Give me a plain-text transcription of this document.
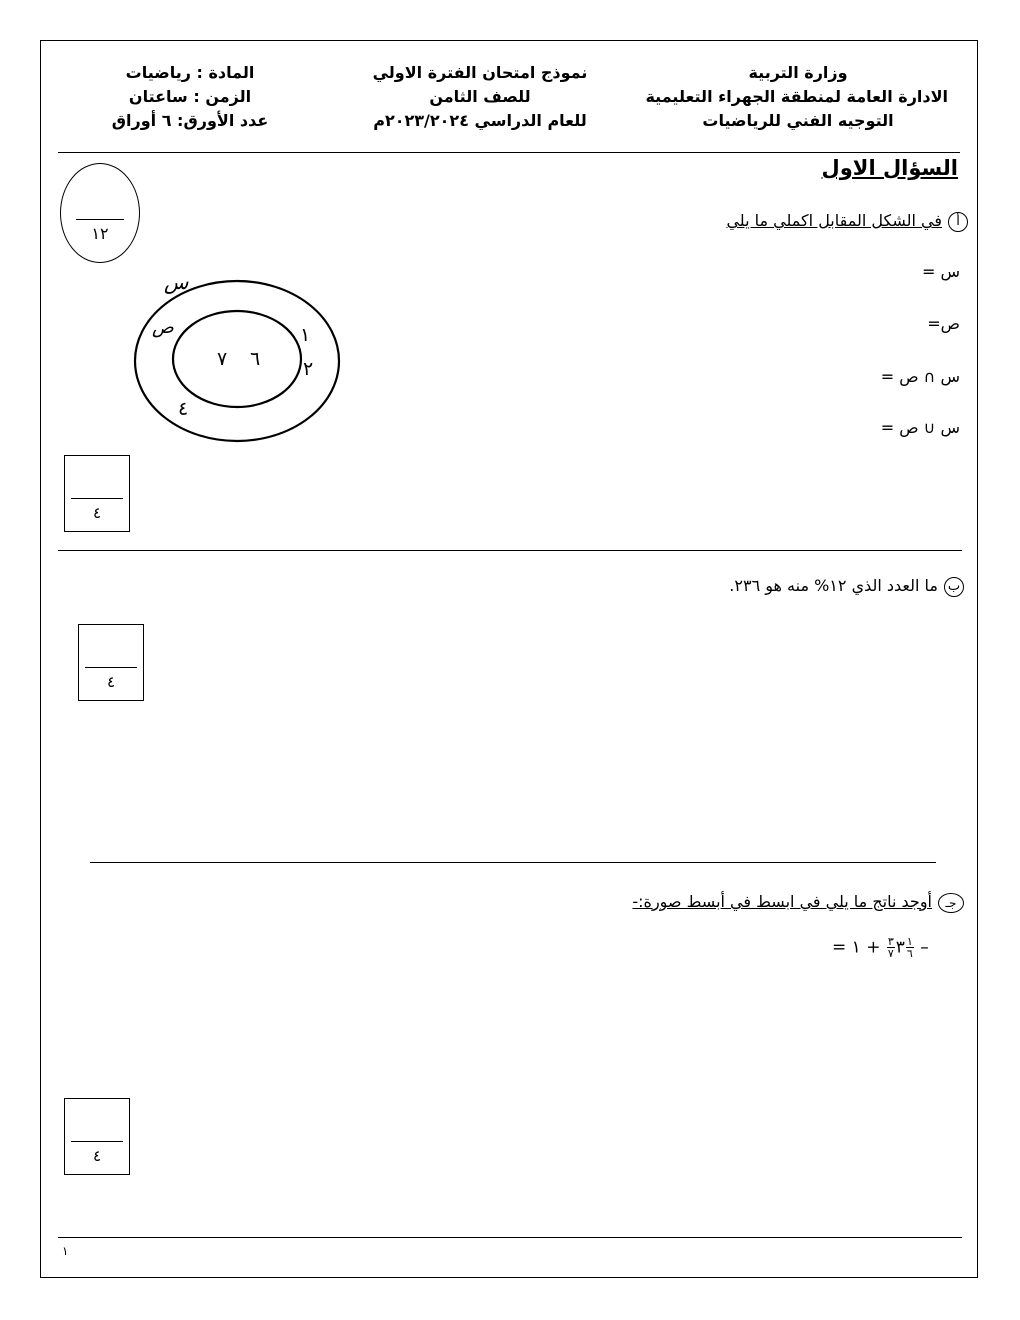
وزارة التربية
الادارة العامة لمنطقة الجهراء التعليمية
التوجيه الفني للرياضيات
نموذج امتحان الفترة الاولي
للصف الثامن
للعام الدراسي ٢٠٢٣/٢٠٢٤م
المادة : رياضيات
الزمن : ساعتان
عدد الأورق: ٦ أوراق
السؤال الاول
١٢
أفي الشكل المقابل اكملي ما يلي
س =
ص=
س ∩ ص =
س ∪ ص =
س
ص
٧ ٦
١
٢
٤
٤
بما العدد الذي ١٢% منه هو ٢٣٦.
٤
جـأوجد ناتج ما يلي في ابسط في أبسط صورة:-
=	٣
$\frac{٣}{٧}$
+ ١	$\frac{١}{٦}$ –
٤
١
